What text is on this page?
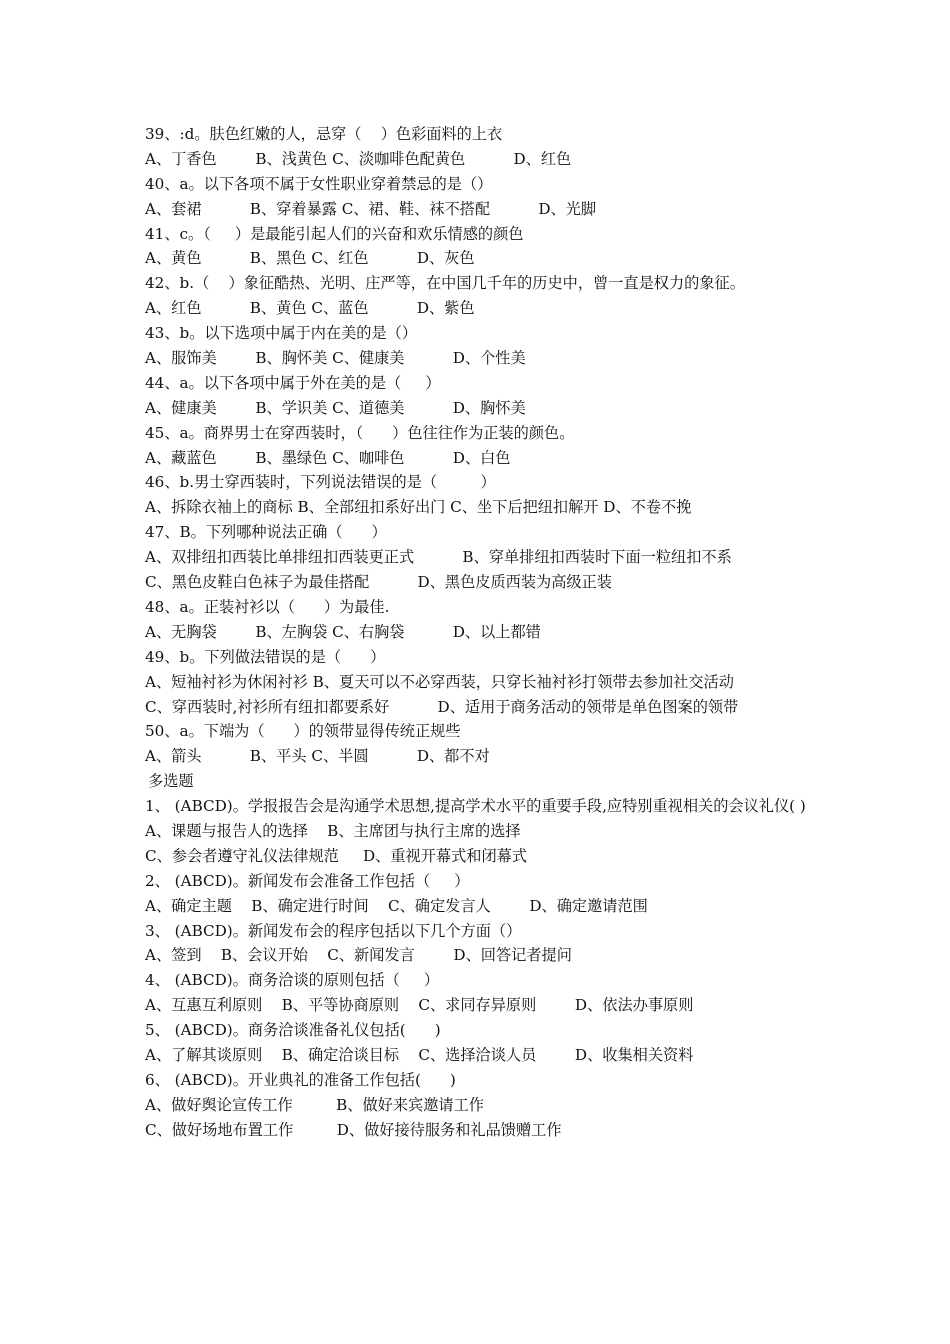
39、:d。肤色红嫩的人，忌穿（    ）色彩面料的上衣
A、丁香色        B、浅黄色 C、淡咖啡色配黄色          D、红色
40、a。以下各项不属于女性职业穿着禁忌的是（）
A、套裙          B、穿着暴露 C、裙、鞋、袜不搭配          D、光脚
41、c。（     ）是最能引起人们的兴奋和欢乐情感的颜色
A、黄色          B、黑色 C、红色          D、灰色
42、b.（    ）象征酷热、光明、庄严等，在中国几千年的历史中，曾一直是权力的象征。
A、红色          B、黄色 C、蓝色          D、紫色
43、b。以下选项中属于内在美的是（）
A、服饰美        B、胸怀美 C、健康美          D、个性美
44、a。以下各项中属于外在美的是（     ）
A、健康美        B、学识美 C、道德美          D、胸怀美
45、a。商界男士在穿西装时，（      ）色往往作为正装的颜色。
A、藏蓝色        B、墨绿色 C、咖啡色          D、白色
46、b.男士穿西装时，下列说法错误的是（         ）
A、拆除衣袖上的商标 B、全部纽扣系好出门 C、坐下后把纽扣解开 D、不卷不挽
47、B。下列哪种说法正确（      ）
A、双排纽扣西装比单排纽扣西装更正式          B、穿单排纽扣西装时下面一粒纽扣不系
C、黑色皮鞋白色袜子为最佳搭配          D、黑色皮质西装为高级正装
48、a。正装衬衫以（      ）为最佳.
A、无胸袋        B、左胸袋 C、右胸袋          D、以上都错
49、b。下列做法错误的是（      ）
A、短袖衬衫为休闲衬衫 B、夏天可以不必穿西装，只穿长袖衬衫打领带去参加社交活动
C、穿西装时,衬衫所有纽扣都要系好          D、适用于商务活动的领带是单色图案的领带
50、a。下端为（      ）的领带显得传统正规些
A、箭头          B、平头 C、半圆          D、都不对
多选题
1、 (ABCD)。学报报告会是沟通学术思想,提高学术水平的重要手段,应特别重视相关的会议礼仪( )
A、课题与报告人的选择    B、主席团与执行主席的选择
C、参会者遵守礼仪法律规范     D、重视开幕式和闭幕式
2、 (ABCD)。新闻发布会准备工作包括（     ）
A、确定主题    B、确定进行时间    C、确定发言人        D、确定邀请范围
3、 (ABCD)。新闻发布会的程序包括以下几个方面（）
A、签到    B、会议开始    C、新闻发言        D、回答记者提问
4、 (ABCD)。商务洽谈的原则包括（     ）
A、互惠互利原则    B、平等协商原则    C、求同存异原则        D、依法办事原则
5、 (ABCD)。商务洽谈准备礼仪包括(      )
A、了解其谈原则    B、确定洽谈目标    C、选择洽谈人员        D、收集相关资料
6、 (ABCD)。开业典礼的准备工作包括(      )
A、做好舆论宣传工作         B、做好来宾邀请工作
C、做好场地布置工作         D、做好接待服务和礼品馈赠工作
